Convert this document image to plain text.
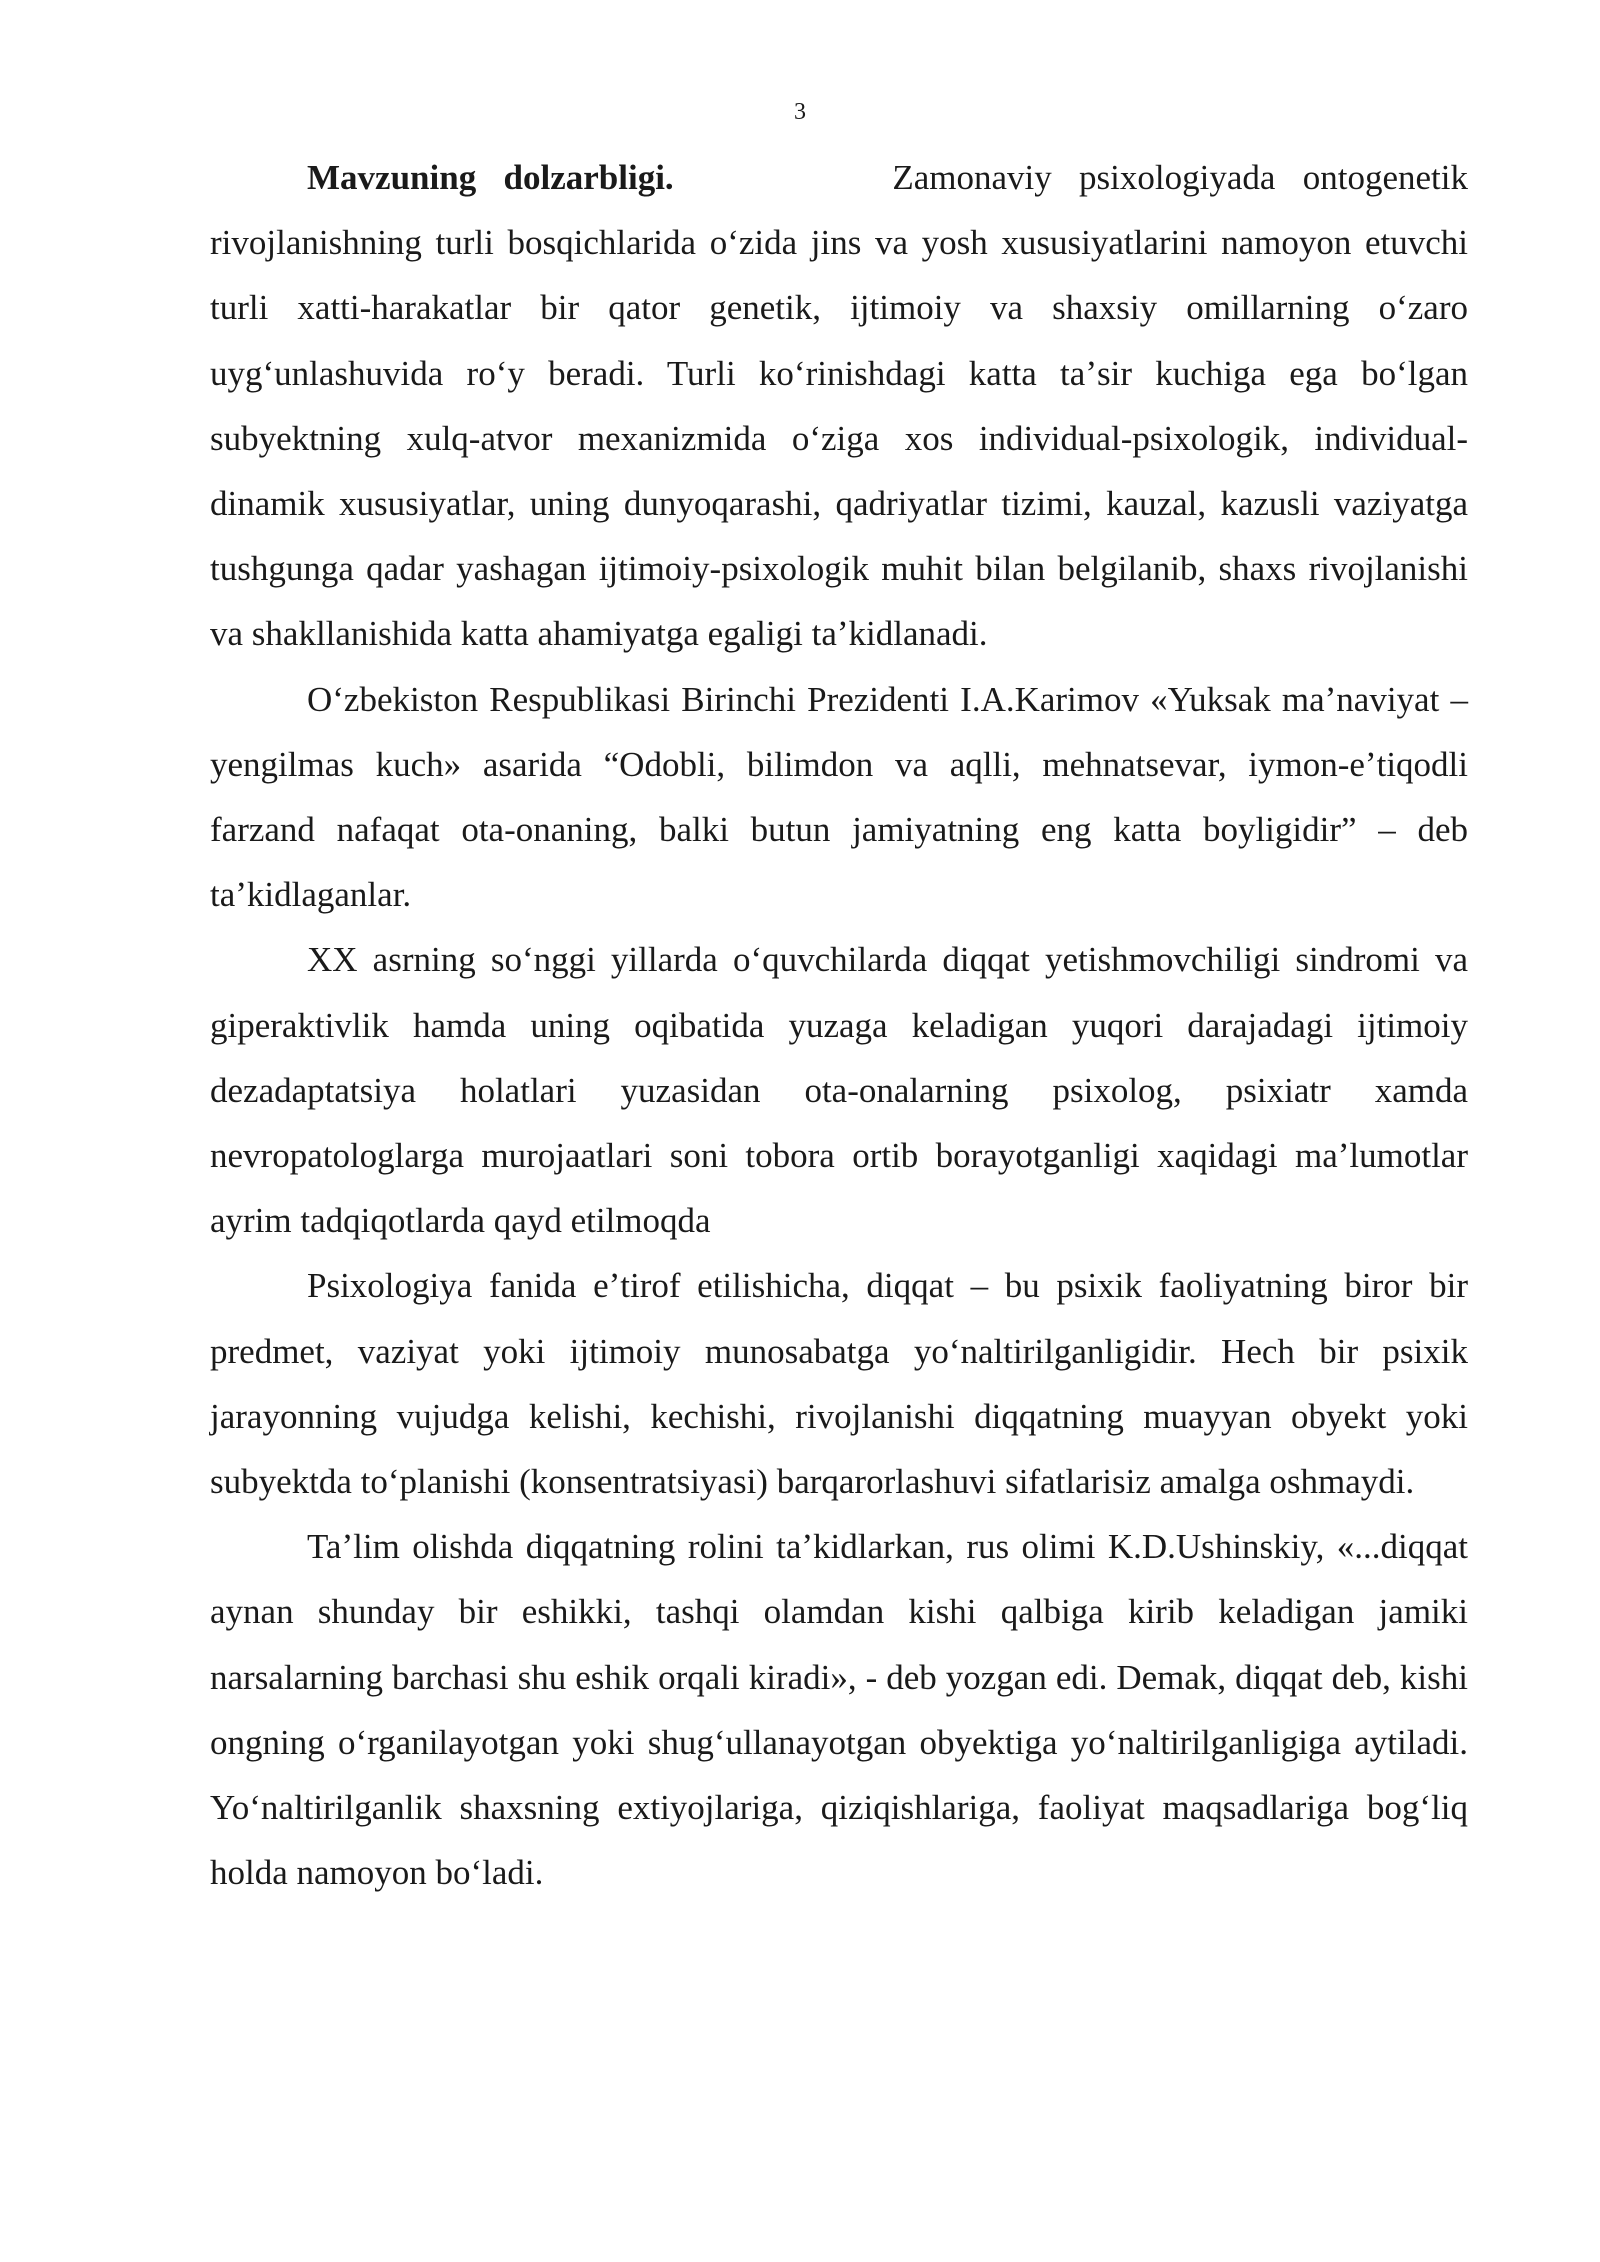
3

Mavzuning dolzarbligi.	Zamonaviy psixologiyada ontogenetik rivojlanishning turli bosqichlarida oʻzida jins va yosh xususiyatlarini namoyon etuvchi turli xatti-harakatlar bir qator genetik, ijtimoiy va shaxsiy omillarning oʻzaro uygʻunlashuvida roʻy beradi. Turli koʻrinishdagi katta taʼsir kuchiga ega boʻlgan subyektning xulq-atvor mexanizmida oʻziga xos individual-psixologik, individual-dinamik xususiyatlar, uning dunyoqarashi, qadriyatlar tizimi, kauzal, kazusli vaziyatga tushgunga qadar yashagan ijtimoiy-psixologik muhit bilan belgilanib, shaxs rivojlanishi va shakllanishida katta ahamiyatga egaligi taʼkidlanadi.

Oʻzbekiston Respublikasi Birinchi Prezidenti I.A.Karimov «Yuksak maʼnaviyat – yengilmas kuch» asarida “Odobli, bilimdon va aqlli, mehnatsevar, iymon-eʼtiqodli farzand nafaqat ota-onaning, balki butun jamiyatning eng katta boyligidir” – deb taʼkidlaganlar.

XX asrning soʻnggi yillarda oʻquvchilarda diqqat yetishmovchiligi sindromi va giperaktivlik hamda uning oqibatida yuzaga keladigan yuqori darajadagi ijtimoiy dezadaptatsiya holatlari yuzasidan ota-onalarning psixolog, psixiatr xamda nevropatologlarga murojaatlari soni tobora ortib borayotganligi xaqidagi maʼlumotlar ayrim tadqiqotlarda qayd etilmoqda

Psixologiya fanida eʼtirof etilishicha, diqqat – bu psixik faoliyatning biror bir predmet, vaziyat yoki ijtimoiy munosabatga yoʻnaltirilganligidir. Hech bir psixik jarayonning vujudga kelishi, kechishi, rivojlanishi diqqatning muayyan obyekt yoki subyektda toʻplanishi (konsentratsiyasi) barqarorlashuvi sifatlarisiz amalga oshmaydi.

Taʼlim olishda diqqatning rolini taʼkidlarkan, rus olimi K.D.Ushinskiy, «...diqqat aynan shunday bir eshikki, tashqi olamdan kishi qalbiga kirib keladigan jamiki narsalarning barchasi shu eshik orqali kiradi», - deb yozgan edi. Demak, diqqat deb, kishi ongning oʻrganilayotgan yoki shugʻullanayotgan obyektiga yoʻnaltirilganligiga aytiladi. Yoʻnaltirilganlik shaxsning extiyojlariga, qiziqishlariga, faoliyat maqsadlariga bogʻliq holda namoyon boʻladi.
